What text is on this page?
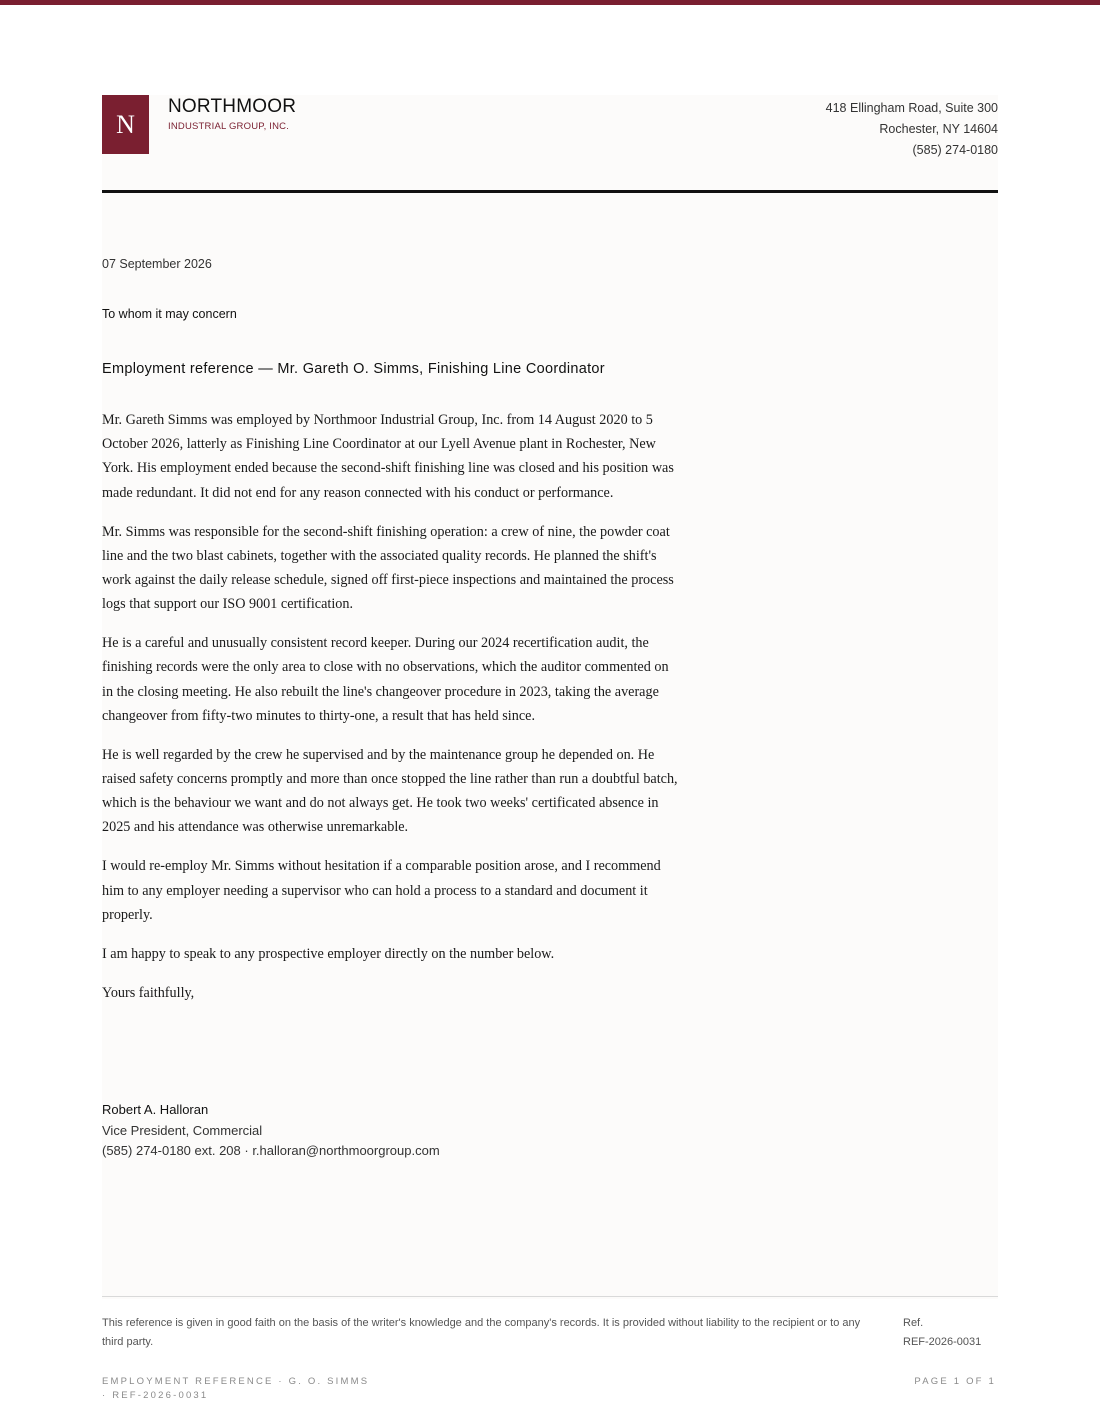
N
NORTHMOOR
INDUSTRIAL GROUP, INC.
418 Ellingham Road, Suite 300
Rochester, NY 14604
(585) 274-0180
07 September 2026
To whom it may concern
Employment reference — Mr. Gareth O. Simms, Finishing Line Coordinator

Mr. Gareth Simms was employed by Northmoor Industrial Group, Inc. from 14 August 2020 to 5 October 2026, latterly as Finishing Line Coordinator at our Lyell Avenue plant in Rochester, New York. His employment ended because the second-shift finishing line was closed and his position was made redundant. It did not end for any reason connected with his conduct or performance.

Mr. Simms was responsible for the second-shift finishing operation: a crew of nine, the powder coat line and the two blast cabinets, together with the associated quality records. He planned the shift's work against the daily release schedule, signed off first-piece inspections and maintained the process logs that support our ISO 9001 certification.

He is a careful and unusually consistent record keeper. During our 2024 recertification audit, the finishing records were the only area to close with no observations, which the auditor commented on in the closing meeting. He also rebuilt the line's changeover procedure in 2023, taking the average changeover from fifty-two minutes to thirty-one, a result that has held since.

He is well regarded by the crew he supervised and by the maintenance group he depended on. He raised safety concerns promptly and more than once stopped the line rather than run a doubtful batch, which is the behaviour we want and do not always get. He took two weeks' certificated absence in 2025 and his attendance was otherwise unremarkable.

I would re-employ Mr. Simms without hesitation if a comparable position arose, and I recommend him to any employer needing a supervisor who can hold a process to a standard and document it properly.

I am happy to speak to any prospective employer directly on the number below.

Yours faithfully,

Robert A. Halloran
Vice President, Commercial
(585) 274-0180 ext. 208 · r.halloran@northmoorgroup.com
This reference is given in good faith on the basis of the writer's knowledge and the company's records. It is provided without liability to the recipient or to any third party.
Ref.
REF-2026-0031
EMPLOYMENT REFERENCE · G. O. SIMMS · REF-2026-0031
PAGE 1 OF 1
